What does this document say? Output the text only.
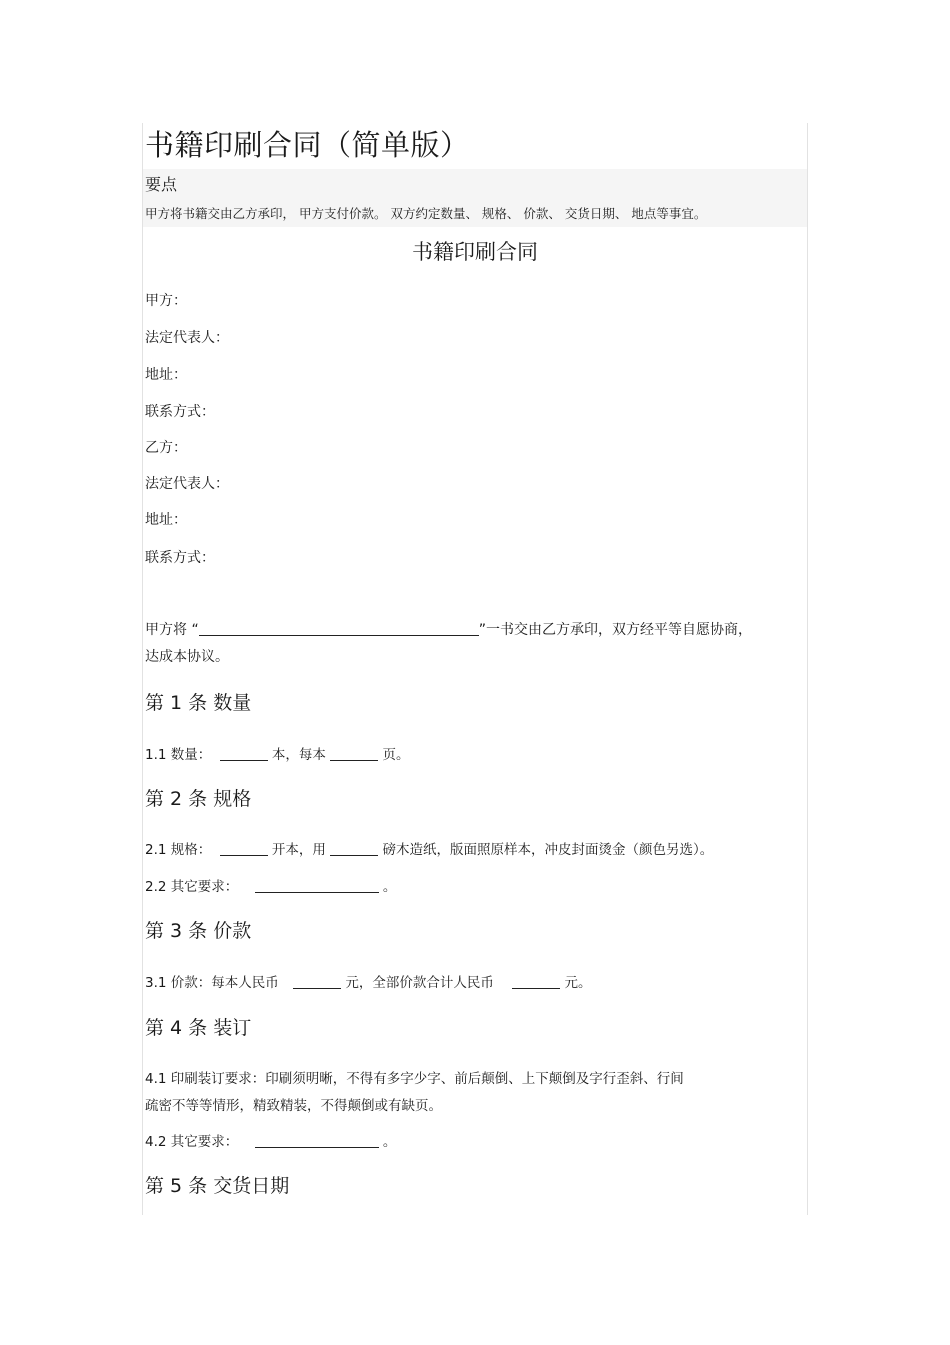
书籍印刷合同（简单版）
要点
甲方将书籍交由乙方承印， 甲方支付价款。 双方约定数量、 规格、 价款、 交货日期、 地点等事宜。
书籍印刷合同
甲方：
法定代表人：
地址：
联系方式：
乙方：
法定代表人：
地址：
联系方式：
甲方将 “	”一书交由乙方承印，双方经平等自愿协商，
达成本协议。
第 1 条 数量
1.1 数量：	本，每本	页。
第 2 条 规格
2.1 规格：	开本，用	磅木造纸，版面照原样本，冲皮封面烫金（颜色另选）。
2.2 其它要求：	。
第 3 条 价款
3.1 价款：每本人民币	元，全部价款合计人民币	元。
第 4 条 装订
4.1 印刷装订要求：印刷须明晰，不得有多字少字、前后颠倒、上下颠倒及字行歪斜、行间
疏密不等等情形，精致精装，不得颠倒或有缺页。
4.2 其它要求：	。
第 5 条 交货日期
